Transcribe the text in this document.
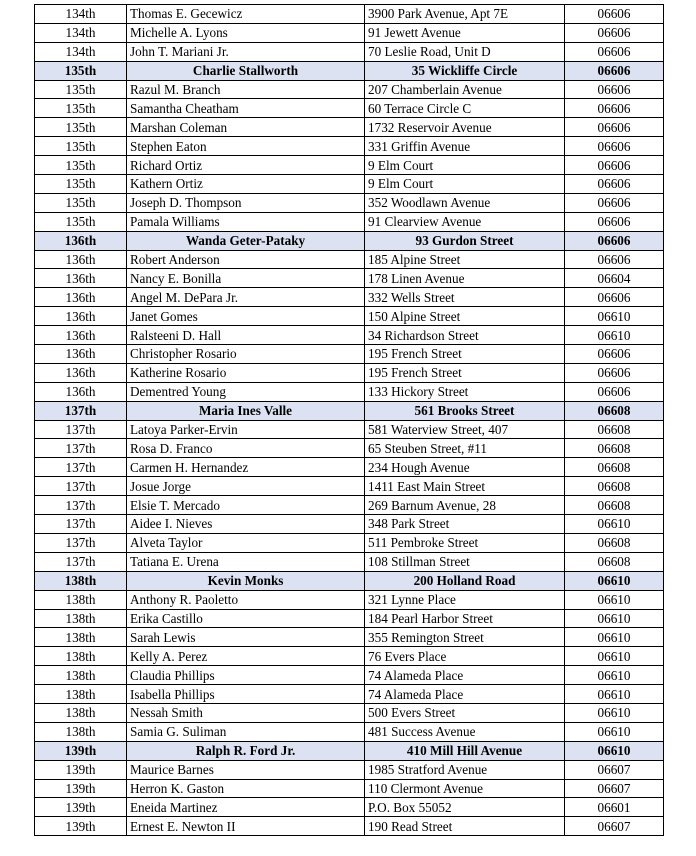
134th	Thomas E. Gecewicz	3900 Park Avenue, Apt 7E	06606
134th	Michelle A. Lyons	91 Jewett Avenue	06606
134th	John T. Mariani Jr.	70 Leslie Road, Unit D	06606
135th	Charlie Stallworth	35 Wickliffe Circle	06606
135th	Razul M. Branch	207 Chamberlain Avenue	06606
135th	Samantha Cheatham	60 Terrace Circle C	06606
135th	Marshan Coleman	1732 Reservoir Avenue	06606
135th	Stephen Eaton	331 Griffin Avenue	06606
135th	Richard Ortiz	9 Elm Court	06606
135th	Kathern Ortiz	9 Elm Court	06606
135th	Joseph D. Thompson	352 Woodlawn Avenue	06606
135th	Pamala Williams	91 Clearview Avenue	06606
136th	Wanda Geter-Pataky	93 Gurdon Street	06606
136th	Robert Anderson	185 Alpine Street	06606
136th	Nancy E. Bonilla	178 Linen Avenue	06604
136th	Angel M. DePara Jr.	332 Wells Street	06606
136th	Janet Gomes	150 Alpine Street	06610
136th	Ralsteeni D. Hall	34 Richardson Street	06610
136th	Christopher Rosario	195 French Street	06606
136th	Katherine Rosario	195 French Street	06606
136th	Dementred Young	133 Hickory Street	06606
137th	Maria Ines Valle	561 Brooks Street	06608
137th	Latoya Parker-Ervin	581 Waterview Street, 407	06608
137th	Rosa D. Franco	65 Steuben Street, #11	06608
137th	Carmen H. Hernandez	234 Hough Avenue	06608
137th	Josue Jorge	1411 East Main Street	06608
137th	Elsie T. Mercado	269 Barnum Avenue, 28	06608
137th	Aidee I. Nieves	348 Park Street	06610
137th	Alveta Taylor	511 Pembroke Street	06608
137th	Tatiana E. Urena	108 Stillman Street	06608
138th	Kevin Monks	200 Holland Road	06610
138th	Anthony R. Paoletto	321 Lynne Place	06610
138th	Erika Castillo	184 Pearl Harbor Street	06610
138th	Sarah Lewis	355 Remington Street	06610
138th	Kelly A. Perez	76 Evers Place	06610
138th	Claudia Phillips	74 Alameda Place	06610
138th	Isabella Phillips	74 Alameda Place	06610
138th	Nessah Smith	500 Evers Street	06610
138th	Samia G. Suliman	481 Success Avenue	06610
139th	Ralph R. Ford Jr.	410 Mill Hill Avenue	06610
139th	Maurice Barnes	1985 Stratford Avenue	06607
139th	Herron K. Gaston	110 Clermont Avenue	06607
139th	Eneida Martinez	P.O. Box 55052	06601
139th	Ernest E. Newton II	190 Read Street	06607
